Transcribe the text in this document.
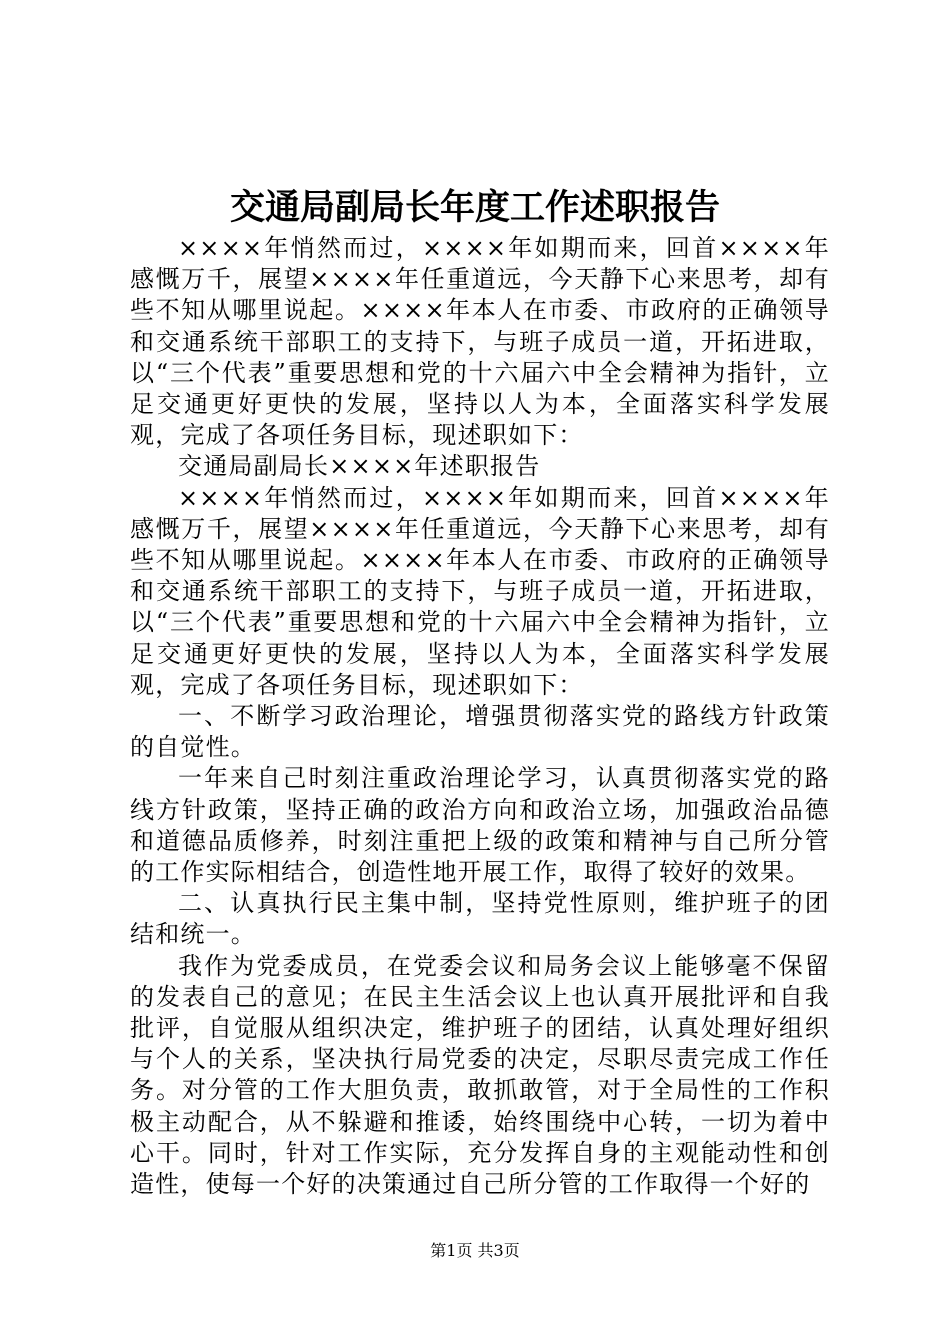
交通局副局长年度工作述职报告

××××年悄然而过，××××年如期而来，回首××××年感慨万千，展望××××年任重道远，今天静下心来思考，却有些不知从哪里说起。××××年本人在市委、市政府的正确领导和交通系统干部职工的支持下，与班子成员一道，开拓进取，以“三个代表”重要思想和党的十六届六中全会精神为指针，立足交通更好更快的发展，坚持以人为本，全面落实科学发展观，完成了各项任务目标，现述职如下：

交通局副局长××××年述职报告

××××年悄然而过，××××年如期而来，回首××××年感慨万千，展望××××年任重道远，今天静下心来思考，却有些不知从哪里说起。××××年本人在市委、市政府的正确领导和交通系统干部职工的支持下，与班子成员一道，开拓进取，以“三个代表”重要思想和党的十六届六中全会精神为指针，立足交通更好更快的发展，坚持以人为本，全面落实科学发展观，完成了各项任务目标，现述职如下：

一、不断学习政治理论，增强贯彻落实党的路线方针政策的自觉性。

一年来自己时刻注重政治理论学习，认真贯彻落实党的路线方针政策，坚持正确的政治方向和政治立场，加强政治品德和道德品质修养，时刻注重把上级的政策和精神与自己所分管的工作实际相结合，创造性地开展工作，取得了较好的效果。

二、认真执行民主集中制，坚持党性原则，维护班子的团结和统一。

我作为党委成员，在党委会议和局务会议上能够毫不保留的发表自己的意见；在民主生活会议上也认真开展批评和自我批评，自觉服从组织决定，维护班子的团结，认真处理好组织与个人的关系，坚决执行局党委的决定，尽职尽责完成工作任务。对分管的工作大胆负责，敢抓敢管，对于全局性的工作积极主动配合，从不躲避和推诿，始终围绕中心转，一切为着中心干。同时，针对工作实际，充分发挥自身的主观能动性和创造性，使每一个好的决策通过自己所分管的工作取得一个好的

第1页 共3页
